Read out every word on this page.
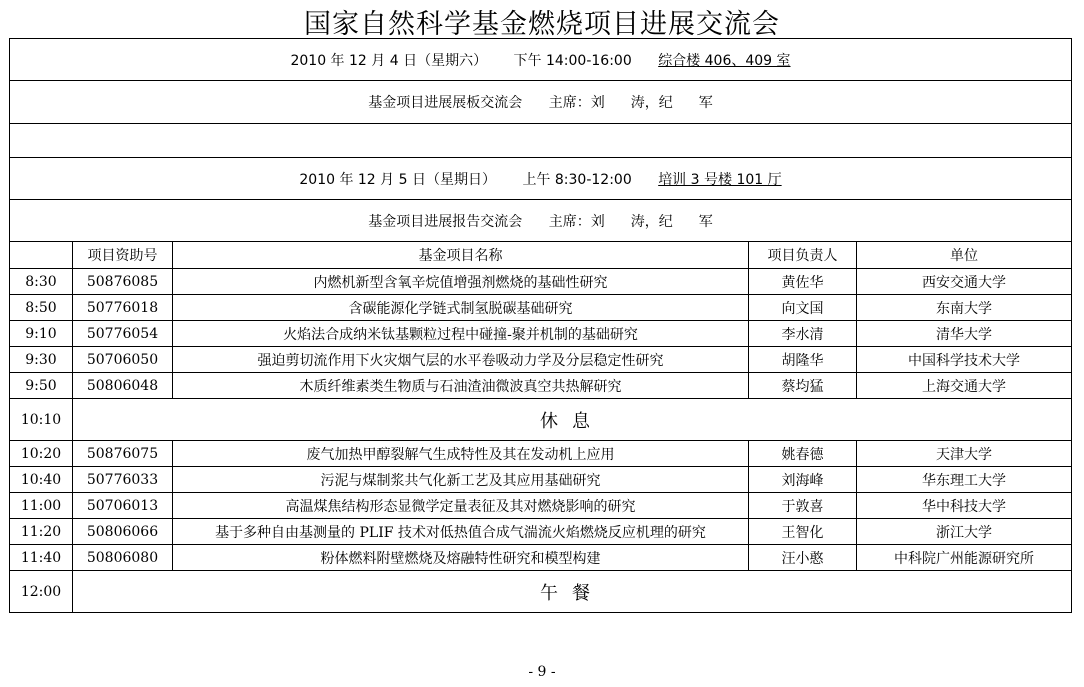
国家自然科学基金燃烧项目进展交流会
2010 年 12 月 4 日（星期六） 下午 14:00-16:00 综合楼 406、409 室				
基金项目进展展板交流会 主席：刘 涛，纪 军				

2010 年 12 月 5 日（星期日） 上午 8:30-12:00 培训 3 号楼 101 厅				
基金项目进展报告交流会 主席：刘 涛，纪 军				
	项目资助号	基金项目名称	项目负责人	单位
8:30	50876085	内燃机新型含氧辛烷值增强剂燃烧的基础性研究	黄佐华	西安交通大学
8:50	50776018	含碳能源化学链式制氢脱碳基础研究	向文国	东南大学
9:10	50776054	火焰法合成纳米钛基颗粒过程中碰撞-聚并机制的基础研究	李水清	清华大学
9:30	50706050	强迫剪切流作用下火灾烟气层的水平卷吸动力学及分层稳定性研究	胡隆华	中国科学技术大学
9:50	50806048	木质纤维素类生物质与石油渣油微波真空共热解研究	蔡均猛	上海交通大学
10:10	休息			
10:20	50876075	废气加热甲醇裂解气生成特性及其在发动机上应用	姚春德	天津大学
10:40	50776033	污泥与煤制浆共气化新工艺及其应用基础研究	刘海峰	华东理工大学
11:00	50706013	高温煤焦结构形态显微学定量表征及其对燃烧影响的研究	于敦喜	华中科技大学
11:20	50806066	基于多种自由基测量的 PLIF 技术对低热值合成气湍流火焰燃烧反应机理的研究	王智化	浙江大学
11:40	50806080	粉体燃料附壁燃烧及熔融特性研究和模型构建	汪小憨	中科院广州能源研究所
12:00	午餐			
- 9 -
